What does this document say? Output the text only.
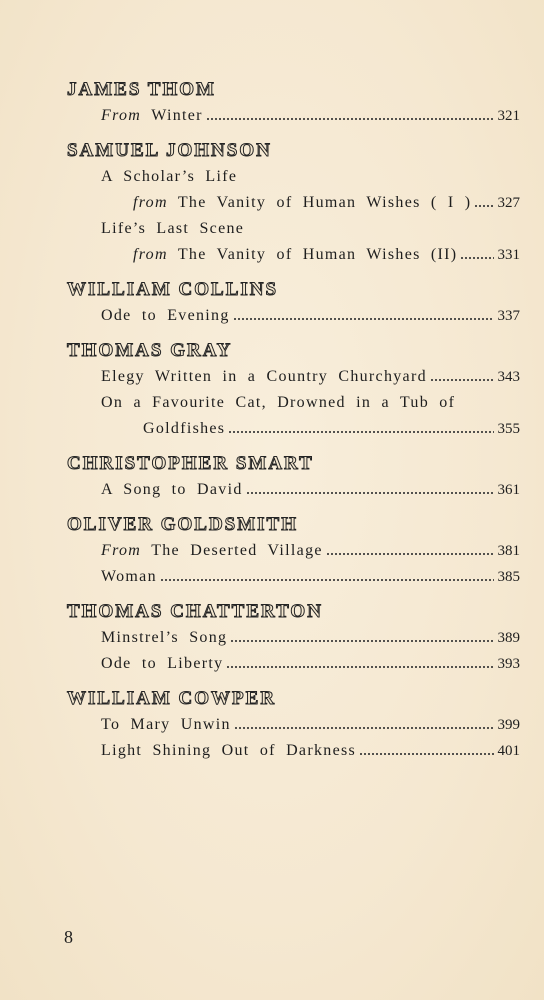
JAMES THOM
From Winter	321
SAMUEL JOHNSON
A Scholar’s Life
from The Vanity of Human Wishes ( I ) 327
Life’s Last Scene
from The Vanity of Human Wishes (II)	331
WILLIAM COLLINS
Ode to Evening	337
THOMAS GRAY
Elegy Written in a Country Churchyard	343
On a Favourite Cat, Drowned in a Tub of
Goldfishes	355
CHRISTOPHER SMART
A Song to David	361
OLIVER GOLDSMITH
From The Deserted Village	381
Woman	385
THOMAS CHATTERTON
Minstrel’s Song	389
Ode to Liberty	393
WILLIAM COWPER
To Mary Unwin	399
Light Shining Out of Darkness	401
8
